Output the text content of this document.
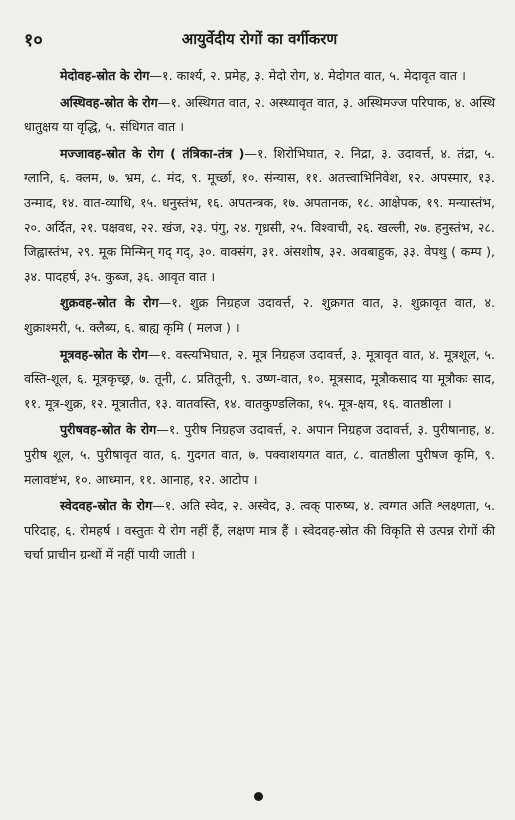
१०	आयुर्वेदीय रोगों का वर्गीकरण

मेदोवह-स्रोत के रोग—१. कार्श्य, २. प्रमेह, ३. मेदो रोग, ४. मेदोगत वात, ५. मेदावृत वात ।

अस्थिवह-स्रोत के रोग—१. अस्थिगत वात, २. अस्थ्यावृत वात, ३. अस्थिमज्ज परिपाक, ४. अस्थि धातुक्षय या वृद्धि, ५. संधिगत वात ।

मज्जावह-स्रोत के रोग ( तंत्रिका-तंत्र )—१. शिरोभिघात, २. निद्रा, ३. उदावर्त्त, ४. तंद्रा, ५. ग्लानि, ६. क्लम, ७. भ्रम, ८. मंद, ९. मूर्च्छा, १०. संन्यास, ११. अतत्त्वाभिनिवेश, १२. अपस्मार, १३. उन्माद, १४. वात-व्याधि, १५. धनुस्तंभ, १६. अपतन्त्रक, १७. अपतानक, १८. आक्षेपक, १९. मन्यास्तंभ, २०. अर्दित, २१. पक्षवध, २२. खंज, २३. पंगु, २४. गृध्रसी, २५. विश्वाची, २६. खल्ली, २७. हनुस्तंभ, २८. जिह्वास्तंभ, २९. मूक मिन्मिन् गद् गद्, ३०. वाक्संग, ३१. अंसशोष, ३२. अवबाहुक, ३३. वेपथु ( कम्प ), ३४. पादहर्ष, ३५. कुब्ज, ३६. आवृत वात ।

शुक्रवह-स्रोत के रोग—१. शुक्र निग्रहज उदावर्त्त, २. शुक्रगत वात, ३. शुक्रावृत वात, ४. शुक्राश्मरी, ५. क्लैब्य, ६. बाह्य कृमि ( मलज ) ।

मूत्रवह-स्रोत के रोग—१. वस्त्यभिघात, २. मूत्र निग्रहज उदावर्त्त, ३. मूत्रावृत वात, ४. मूत्रशूल, ५. वस्ति-शूल, ६. मूत्रकृच्छ्र, ७. तूनी, ८. प्रतितूनी, ९. उष्ण-वात, १०. मूत्रसाद, मूत्रौकसाद या मूत्रौकः साद, ११. मूत्र-शुक्र, १२. मूत्रातीत, १३. वातवस्ति, १४. वातकुण्डलिका, १५. मूत्र-क्षय, १६. वातष्ठीला ।

पुरीषवह-स्रोत के रोग—१. पुरीष निग्रहज उदावर्त्त, २. अपान निग्रहज उदावर्त्त, ३. पुरीषानाह, ४. पुरीष शूल, ५. पुरीषावृत वात, ६. गुदगत वात, ७. पक्वाशयगत वात, ८. वातष्ठीला पुरीषज कृमि, ९. मलावष्टंभ, १०. आध्मान, ११. आनाह, १२. आटोप ।

स्वेदवह-स्रोत के रोग—१. अति स्वेद, २. अस्वेद, ३. त्वक् पारुष्य, ४. त्वग्गत अति श्लक्ष्णता, ५. परिदाह, ६. रोमहर्ष । वस्तुतः ये रोग नहीं हैं, लक्षण मात्र हैं । स्वेदवह-स्रोत की विकृति से उत्पन्न रोगों की चर्चा प्राचीन ग्रन्थों में नहीं पायी जाती ।
